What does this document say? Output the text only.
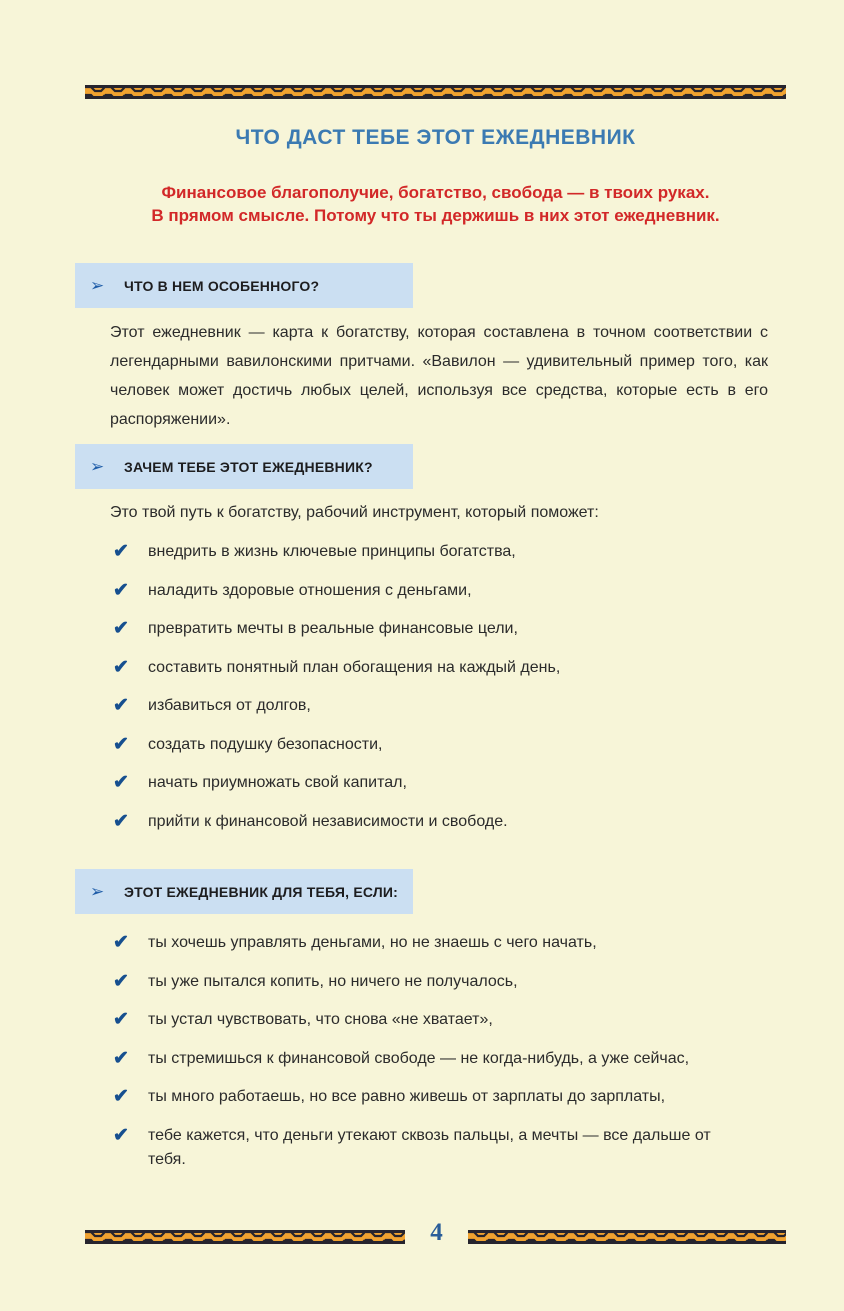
ЧТО ДАСТ ТЕБЕ ЭТОТ ЕЖЕДНЕВНИК
Финансовое благополучие, богатство, свобода — в твоих руках.
В прямом смысле. Потому что ты держишь в них этот ежедневник.
➢	ЧТО В НЕМ ОСОБЕННОГО?

Этот ежедневник — карта к богатству, которая составлена в точном соответствии с легендарными вавилонскими притчами. «Вавилон — удивительный пример того, как человек может достичь любых целей, используя все средства, которые есть в его распоряжении».

➢	ЗАЧЕМ ТЕБЕ ЭТОТ ЕЖЕДНЕВНИК?

Это твой путь к богатству, рабочий инструмент, который поможет:

✔	внедрить в жизнь ключевые принципы богатства,
✔	наладить здоровые отношения с деньгами,
✔	превратить мечты в реальные финансовые цели,
✔	составить понятный план обогащения на каждый день,
✔	избавиться от долгов,
✔	создать подушку безопасности,
✔	начать приумножать свой капитал,
✔	прийти к финансовой независимости и свободе.
➢	ЭТОТ ЕЖЕДНЕВНИК ДЛЯ ТЕБЯ, ЕСЛИ:
✔	ты хочешь управлять деньгами, но не знаешь с чего начать,
✔	ты уже пытался копить, но ничего не получалось,
✔	ты устал чувствовать, что снова «не хватает»,
✔	ты стремишься к финансовой свободе — не когда-нибудь, а уже сейчас,
✔	ты много работаешь, но все равно живешь от зарплаты до зарплаты,
✔	тебе кажется, что деньги утекают сквозь пальцы, а мечты — все дальше от тебя.
4
